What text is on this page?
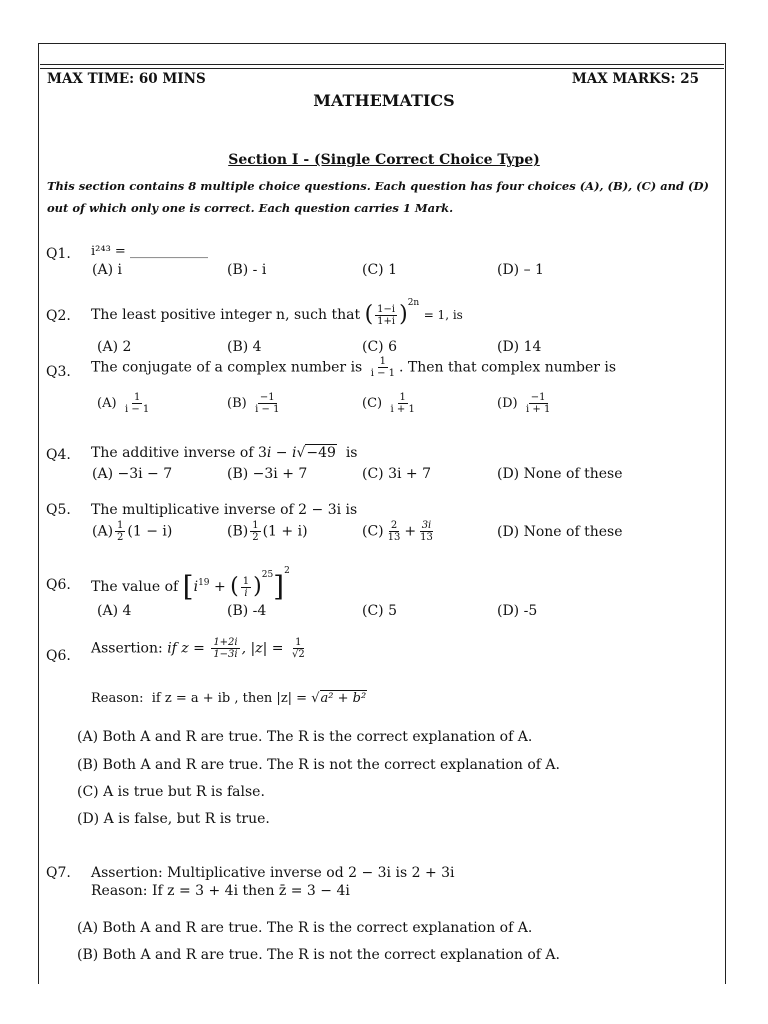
MAX TIME: 60 MINS	MAX MARKS: 25
MATHEMATICS
Section I - (Single Correct Choice Type)
This section contains 8 multiple choice questions. Each question has four choices (A), (B), (C) and (D) out of which only one is correct. Each question carries 1 Mark.
Q1. i²⁴³ = ____________
(A) i	(B) - i	(C) 1	(D) – 1
Q2. The least positive integer n, such that ( $\frac{1-i}{1+i} )^{2n} = 1$, is
(A) 2	(B) 4	(C) 6	(D) 14
Q3. The conjugate of a complex number is $\frac{1}{i - 1}$ . Then that complex number is
$(A) \frac{1}{i - 1}$	$(B) \frac{-1}{i - 1}$	$(C) \frac{1}{i + 1}$	$(D) \frac{-1}{i + 1}$
Q4. The additive inverse of 3i − i√−49 is
(A) −3i − 7	(B) −3i + 7	(C) 3i + 7	(D) None of these
Q5. The multiplicative inverse of 2 − 3i is
$(A) \frac{1}{2} (1 - i)$	$(B) \frac{1}{2} (1 + i)$	$(C) \frac{2}{13} + \frac{3i}{13}$	(D) None of these
Q6. The value of [$i^{19}$ + ( $\frac{1}{i} )^{25}]^2$
(A) 4	(B) -4	(C) 5	(D) -5
Q6. Assertion: if $z = \frac{1+2i}{1-3i}$ , $|z| = \frac{1}{√2}$
Reason: if z = a + ib , then |z| = √a² + b²
(A) Both A and R are true. The R is the correct explanation of A.
(B) Both A and R are true. The R is not the correct explanation of A.
(C) A is true but R is false.
(D) A is false, but R is true.
Q7. Assertion: Multiplicative inverse od 2 − 3i is 2 + 3i
Reason: If z = 3 + 4i then z̄ = 3 − 4i
(A) Both A and R are true. The R is the correct explanation of A.
(B) Both A and R are true. The R is not the correct explanation of A.
